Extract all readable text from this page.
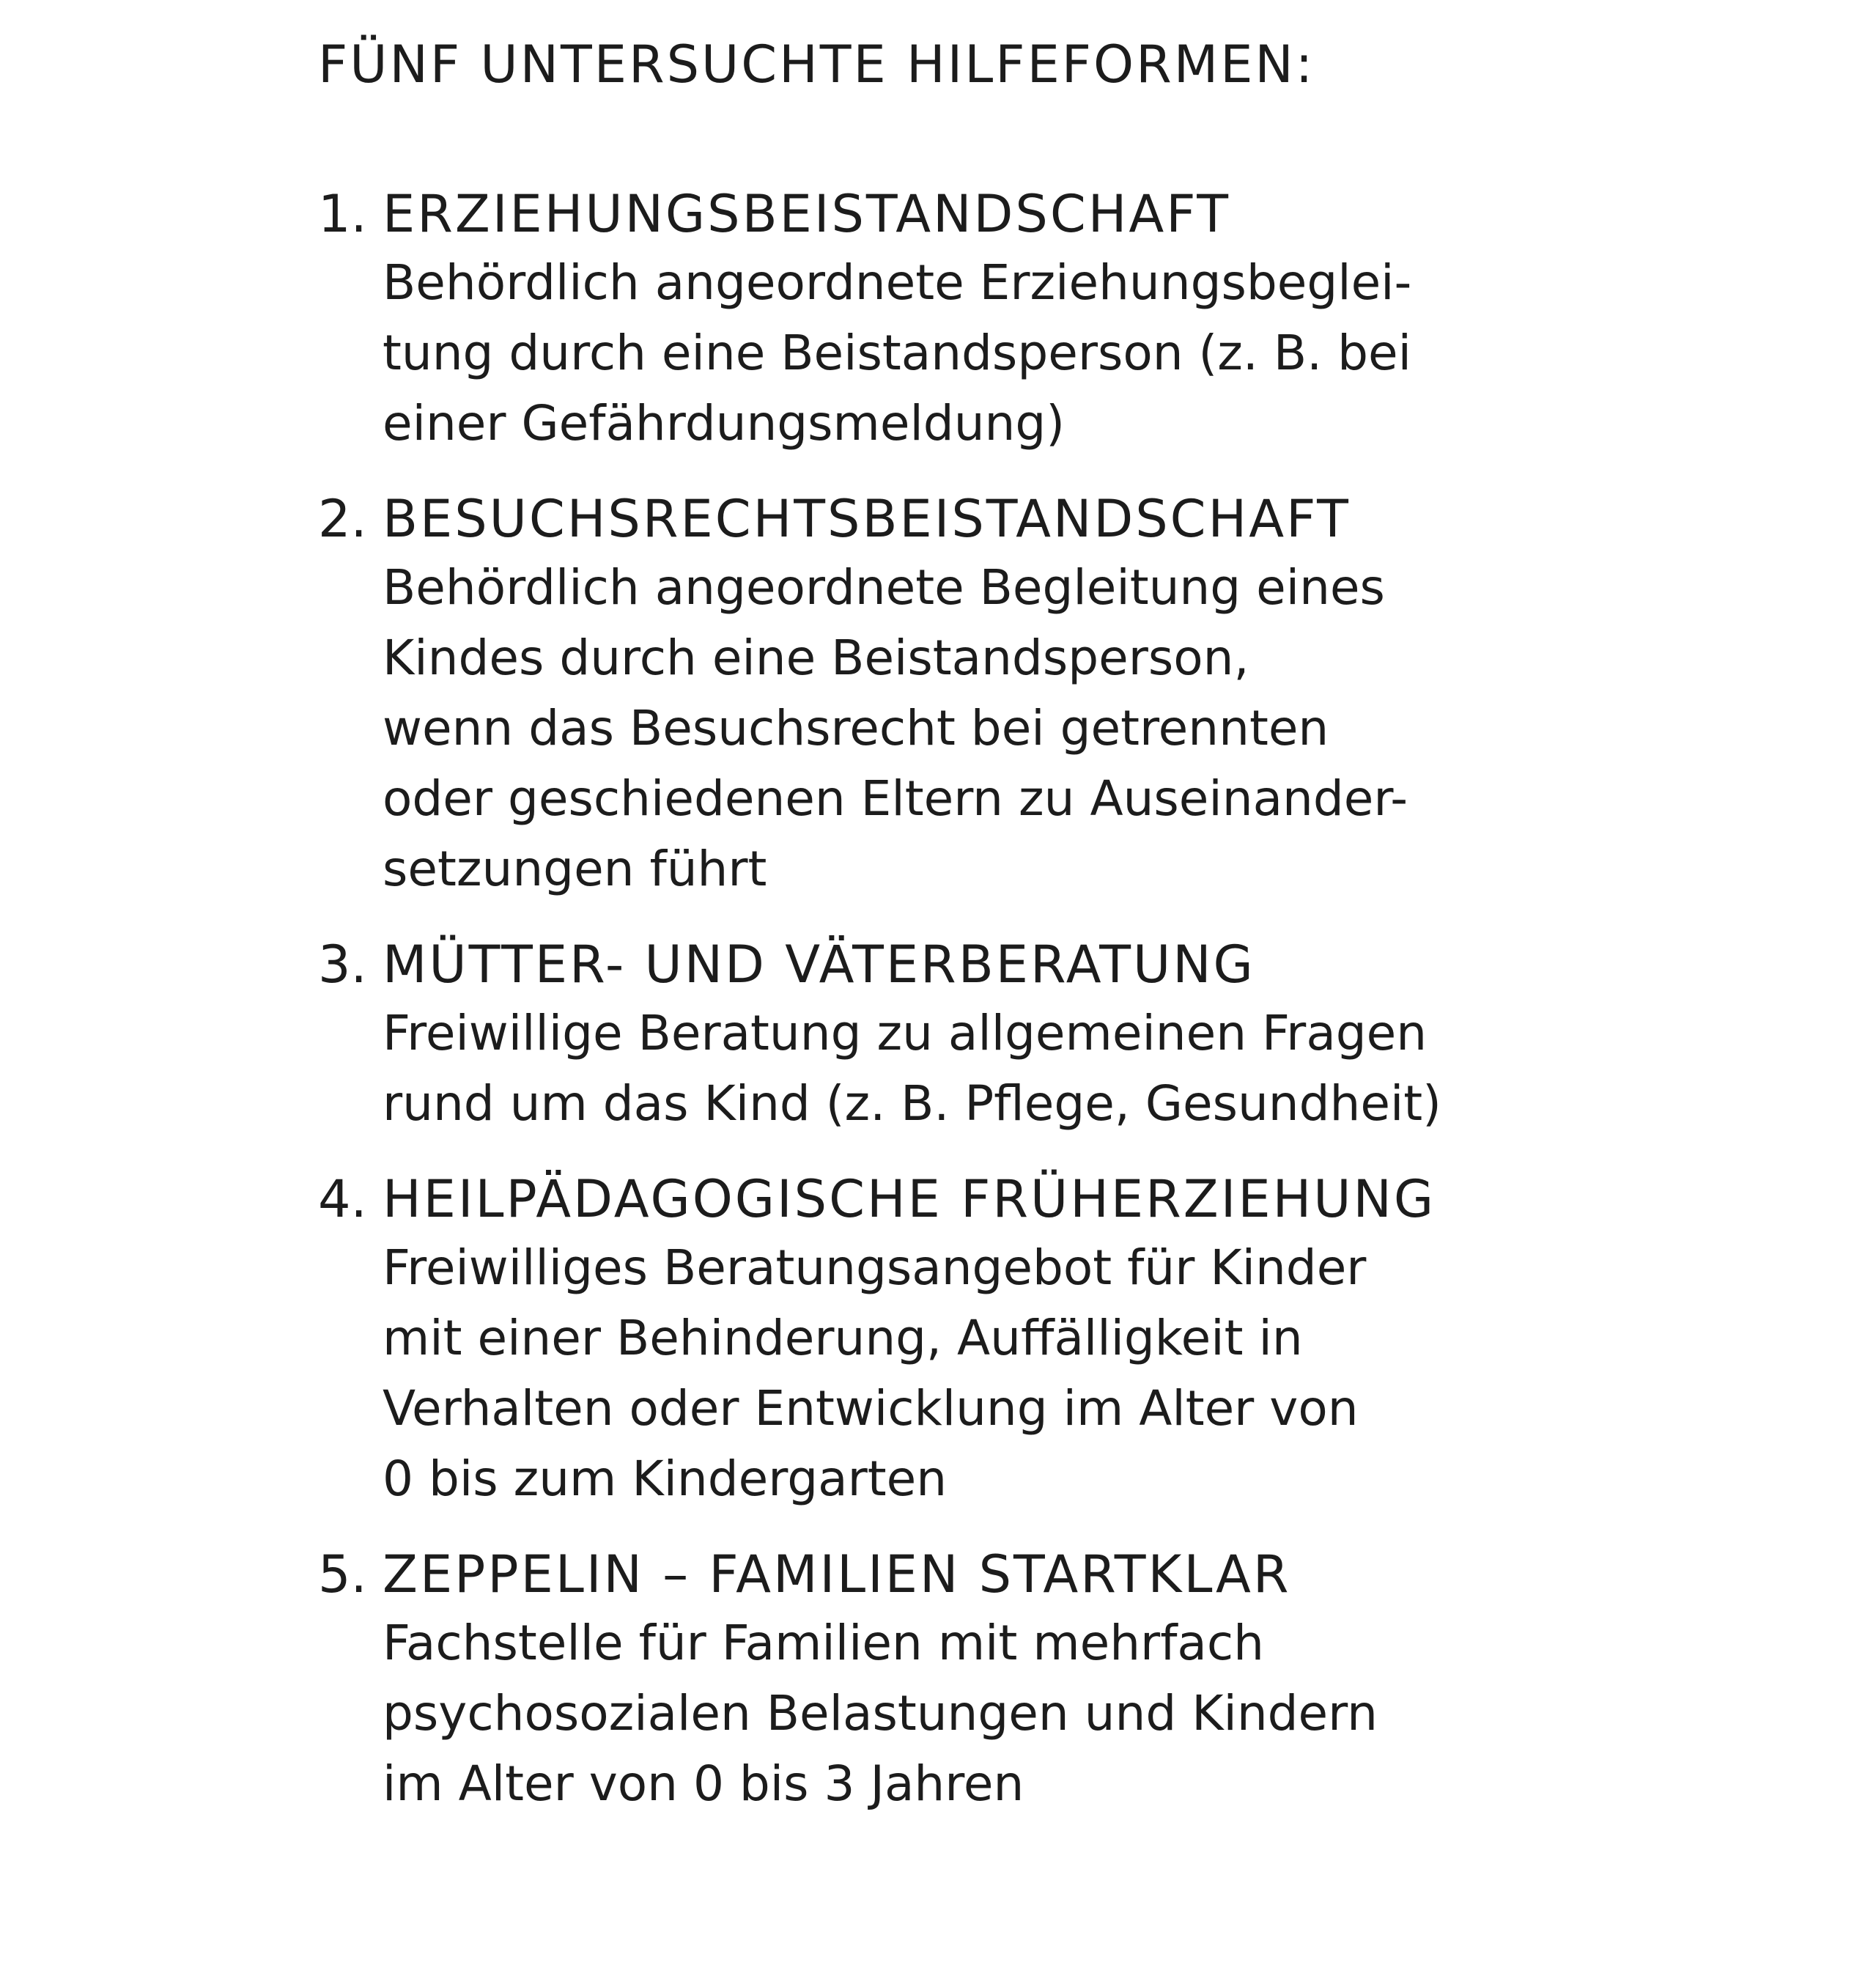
FÜNF UNTERSUCHTE HILFEFORMEN:
1. ERZIEHUNGSBEISTANDSCHAFT
Behördlich angeordnete Erziehungsbeglei-
tung durch eine Beistandsperson (z. B. bei
einer Gefährdungsmeldung)
2. BESUCHSRECHTSBEISTANDSCHAFT
Behördlich angeordnete Begleitung eines
Kindes durch eine Beistandsperson,
wenn das Besuchsrecht bei getrennten
oder geschiedenen Eltern zu Auseinander-
setzungen führt
3. MÜTTER- UND VÄTERBERATUNG
Freiwillige Beratung zu allgemeinen Fragen
rund um das Kind (z. B. Pflege, Gesundheit)
4. HEILPÄDAGOGISCHE FRÜHERZIEHUNG
Freiwilliges Beratungsangebot für Kinder
mit einer Behinderung, Auffälligkeit in
Verhalten oder Entwicklung im Alter von
0 bis zum Kindergarten
5. ZEPPELIN – FAMILIEN STARTKLAR
Fachstelle für Familien mit mehrfach
psychosozialen Belastungen und Kindern
im Alter von 0 bis 3 Jahren
